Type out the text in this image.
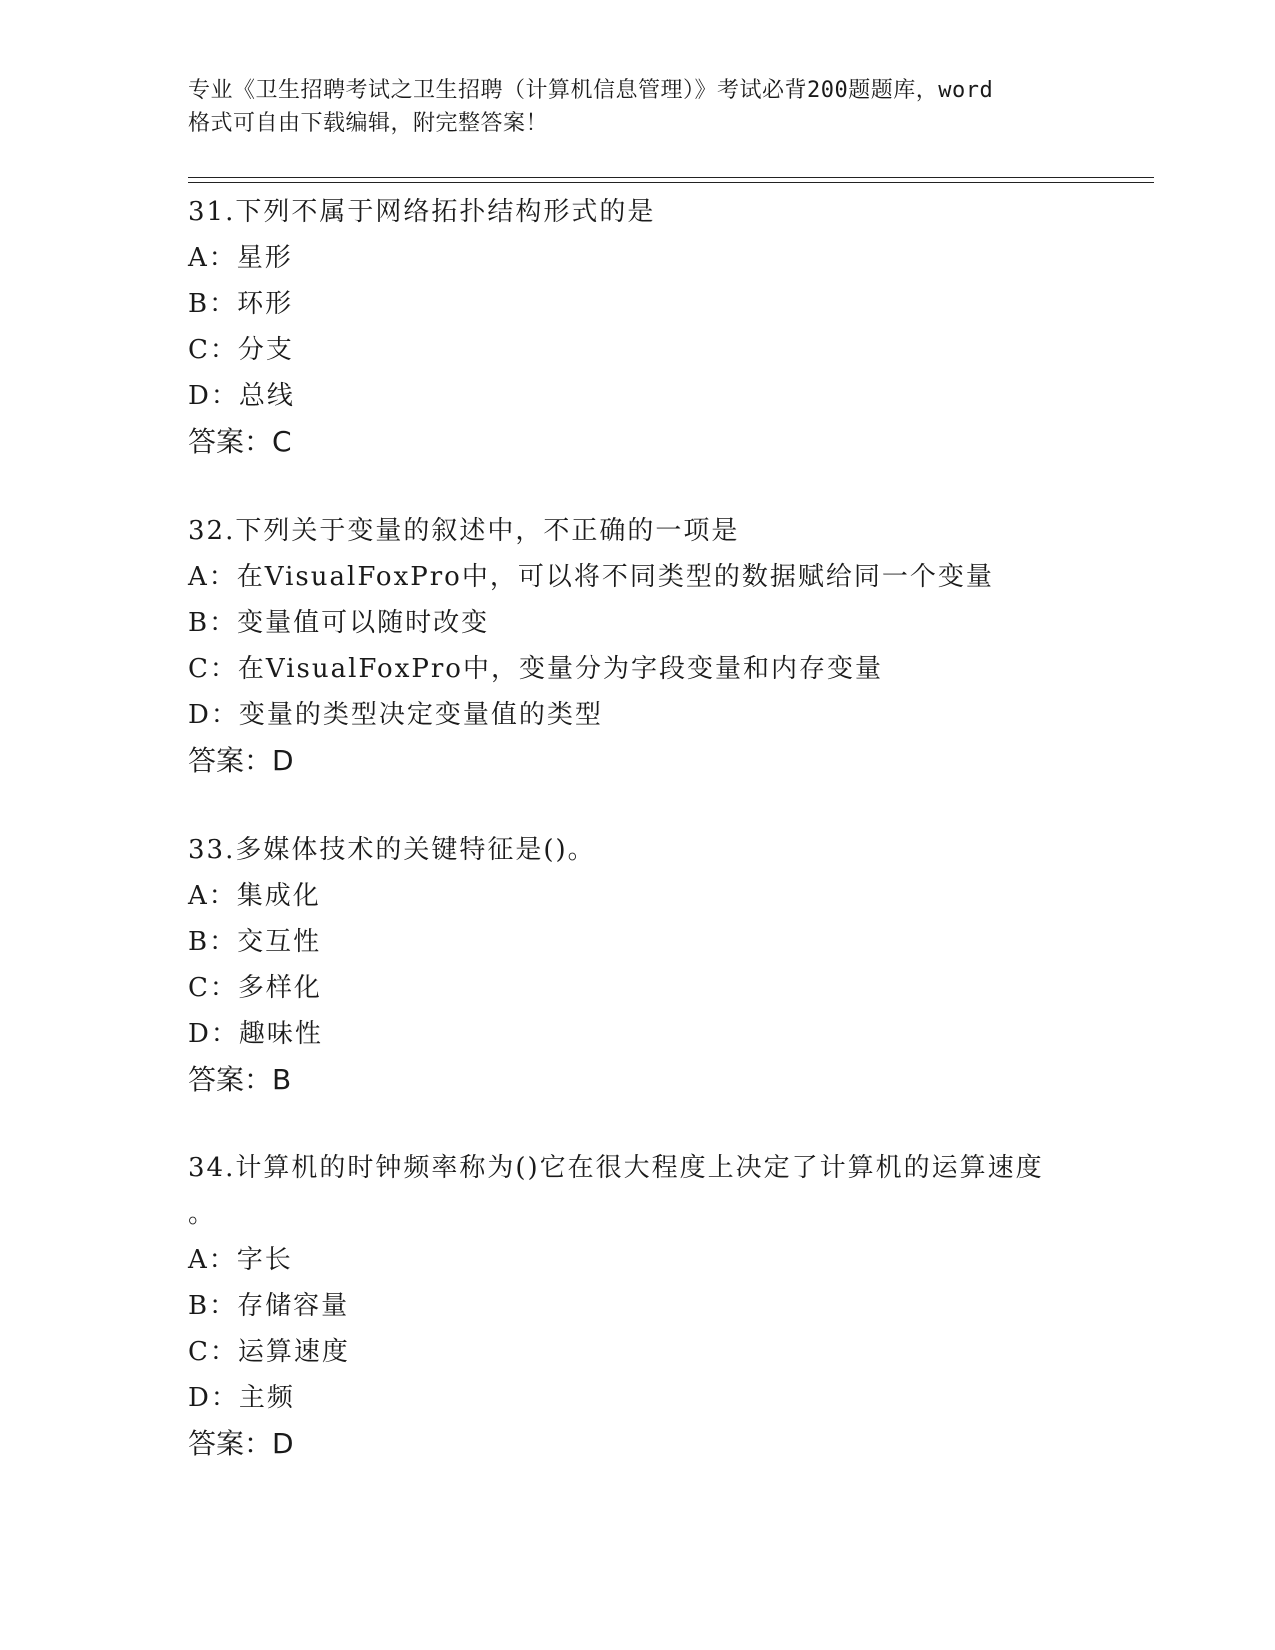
专业《卫生招聘考试之卫生招聘（计算机信息管理）》考试必背200题题库，word
格式可自由下载编辑，附完整答案！
31.下列不属于网络拓扑结构形式的是
A：星形
B：环形
C：分支
D：总线
答案：C
32.下列关于变量的叙述中，不正确的一项是
A：在VisualFoxPro中，可以将不同类型的数据赋给同一个变量
B：变量值可以随时改变
C：在VisualFoxPro中，变量分为字段变量和内存变量
D：变量的类型决定变量值的类型
答案：D
33.多媒体技术的关键特征是()。
A：集成化
B：交互性
C：多样化
D：趣味性
答案：B
34.计算机的时钟频率称为()它在很大程度上决定了计算机的运算速度
。
A：字长
B：存储容量
C：运算速度
D：主频
答案：D
